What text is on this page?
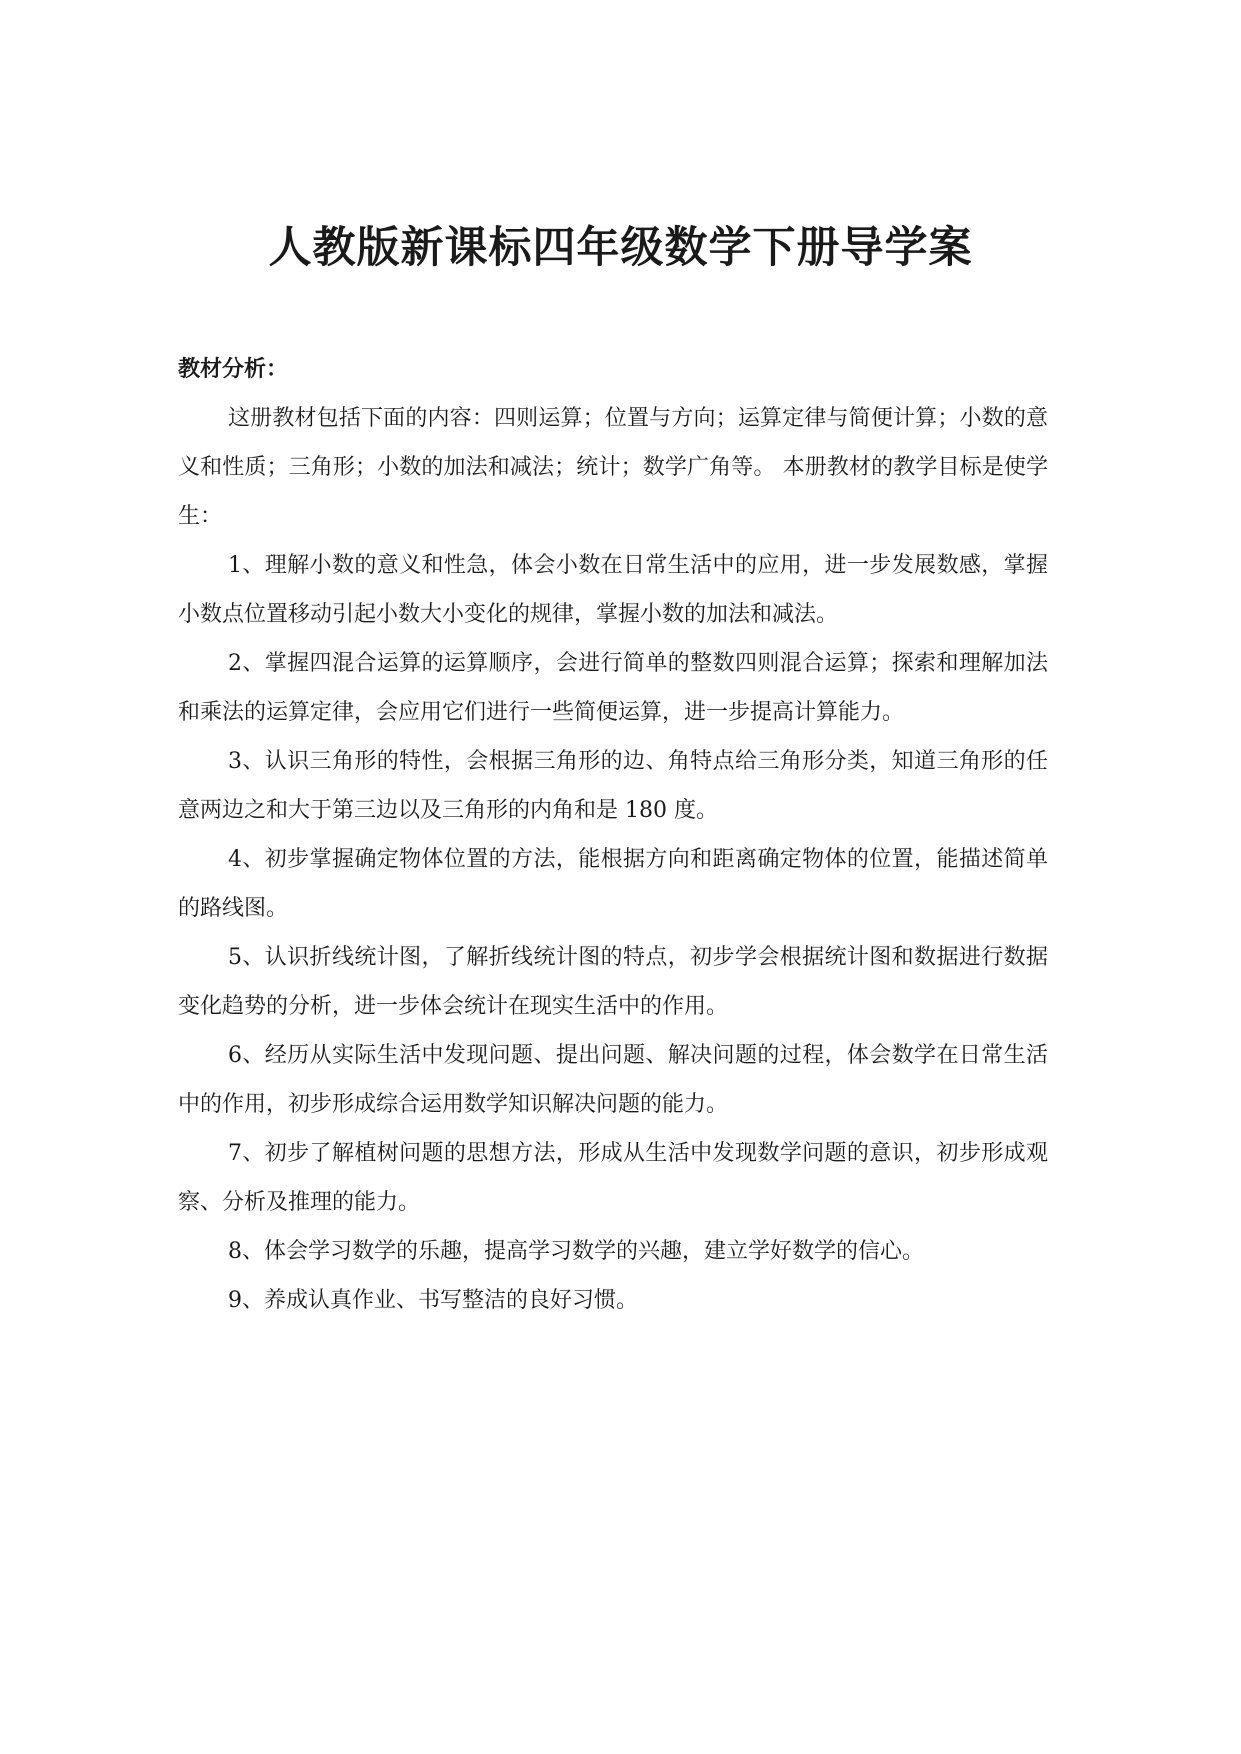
人教版新课标四年级数学下册导学案

教材分析：

这册教材包括下面的内容：四则运算；位置与方向；运算定律与简便计算；小数的意义和性质；三角形；小数的加法和减法；统计；数学广角等。 本册教材的教学目标是使学生：

1、理解小数的意义和性急，体会小数在日常生活中的应用，进一步发展数感，掌握小数点位置移动引起小数大小变化的规律，掌握小数的加法和减法。

2、掌握四混合运算的运算顺序，会进行简单的整数四则混合运算；探索和理解加法和乘法的运算定律，会应用它们进行一些简便运算，进一步提高计算能力。

3、认识三角形的特性，会根据三角形的边、角特点给三角形分类，知道三角形的任意两边之和大于第三边以及三角形的内角和是 180 度。

4、初步掌握确定物体位置的方法，能根据方向和距离确定物体的位置，能描述简单的路线图。

5、认识折线统计图，了解折线统计图的特点，初步学会根据统计图和数据进行数据变化趋势的分析，进一步体会统计在现实生活中的作用。

6、经历从实际生活中发现问题、提出问题、解决问题的过程，体会数学在日常生活中的作用，初步形成综合运用数学知识解决问题的能力。

7、初步了解植树问题的思想方法，形成从生活中发现数学问题的意识，初步形成观察、分析及推理的能力。

8、体会学习数学的乐趣，提高学习数学的兴趣，建立学好数学的信心。

9、养成认真作业、书写整洁的良好习惯。
